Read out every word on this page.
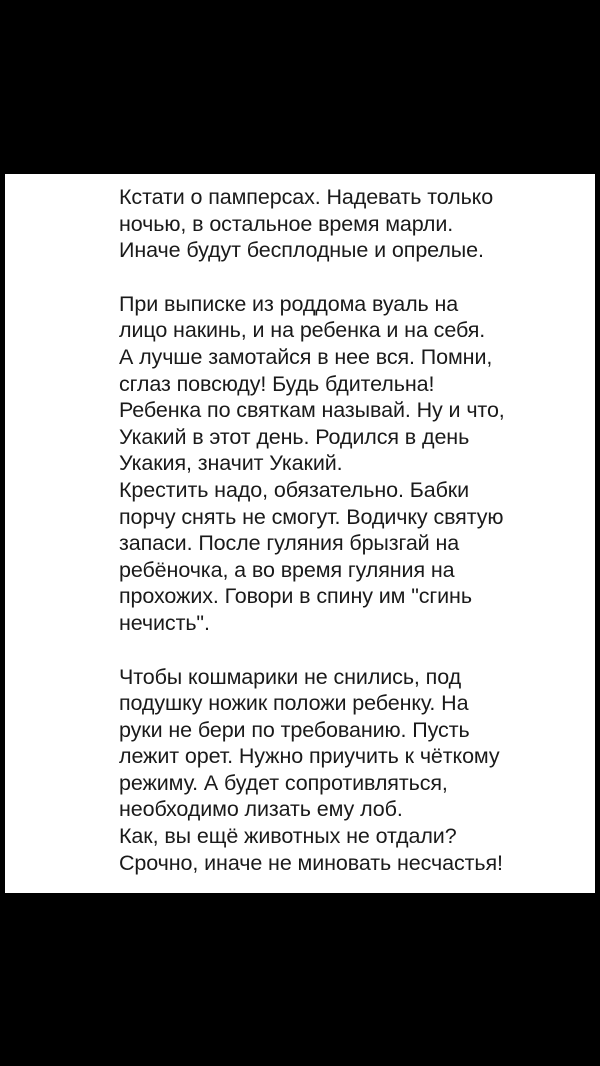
Кстати о памперсах. Надевать только
ночью, в остальное время марли.
Иначе будут бесплодные и опрелые.

При выписке из роддома вуаль на
лицо накинь, и на ребенка и на себя.
А лучше замотайся в нее вся. Помни,
сглаз повсюду! Будь бдительна!
Ребенка по святкам называй. Ну и что,
Укакий в этот день. Родился в день
Укакия, значит Укакий.
Крестить надо, обязательно. Бабки
порчу снять не смогут. Водичку святую
запаси. После гуляния брызгай на
ребёночка, а во время гуляния на
прохожих. Говори в спину им "сгинь
нечисть".

Чтобы кошмарики не снились, под
подушку ножик положи ребенку. На
руки не бери по требованию. Пусть
лежит орет. Нужно приучить к чёткому
режиму. А будет сопротивляться,
необходимо лизать ему лоб.
Как, вы ещё животных не отдали?
Срочно, иначе не миновать несчастья!
